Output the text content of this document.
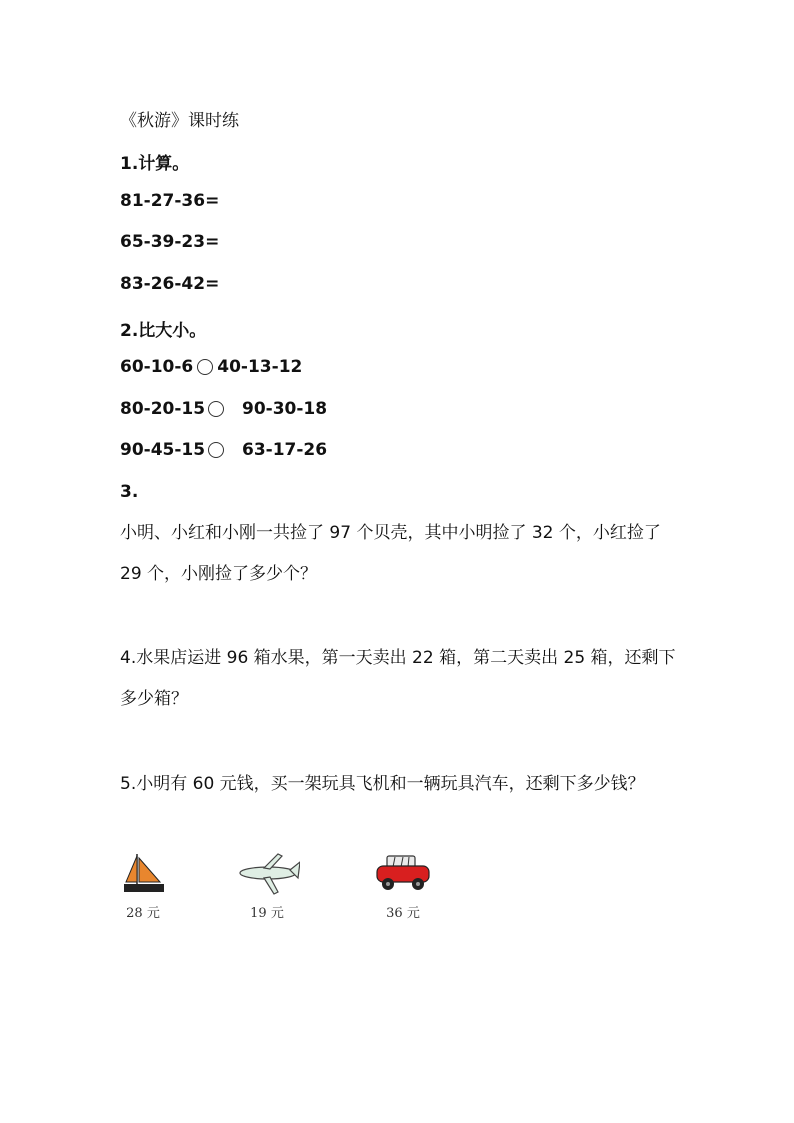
《秋游》课时练
1.计算。
81-27-36=
65-39-23=
83-26-42=
2.比大小。
60-10-6 40-13-12
80-20-15 90-30-18
90-45-15 63-17-26
3.
小明、小红和小刚一共捡了 97 个贝壳，其中小明捡了 32 个，小红捡了 29 个，小刚捡了多少个？
4.水果店运进 96 箱水果，第一天卖出 22 箱，第二天卖出 25 箱，还剩下多少箱？
5.小明有 60 元钱，买一架玩具飞机和一辆玩具汽车，还剩下多少钱？
28 元	19 元	36 元
